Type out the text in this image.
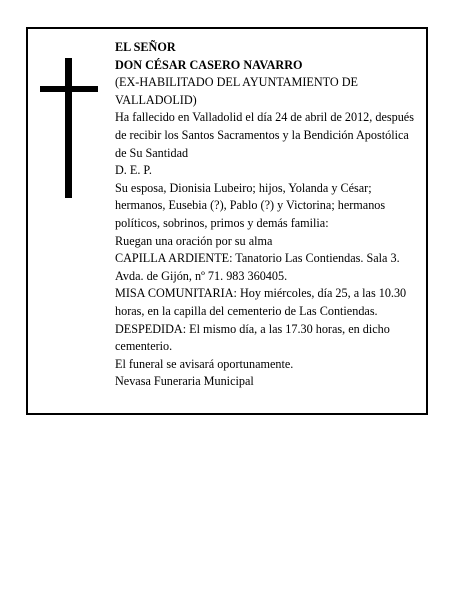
EL SEÑOR

DON CÉSAR CASERO NAVARRO

(EX-HABILITADO DEL AYUNTAMIENTO DE VALLADOLID)

Ha fallecido en Valladolid el día 24 de abril de 2012, después de recibir los Santos Sacramentos y la Bendición Apostólica de Su Santidad

D. E. P.

Su esposa, Dionisia Lubeiro; hijos, Yolanda y César; hermanos, Eusebia (?), Pablo (?) y Victorina; hermanos políticos, sobrinos, primos y demás familia:

Ruegan una oración por su alma

CAPILLA ARDIENTE: Tanatorio Las Contiendas. Sala 3. Avda. de Gijón, nº 71. 983 360405.

MISA COMUNITARIA: Hoy miércoles, día 25, a las 10.30 horas, en la capilla del cementerio de Las Contiendas.

DESPEDIDA: El mismo día, a las 17.30 horas, en dicho cementerio.

El funeral se avisará oportunamente.

Nevasa Funeraria Municipal
